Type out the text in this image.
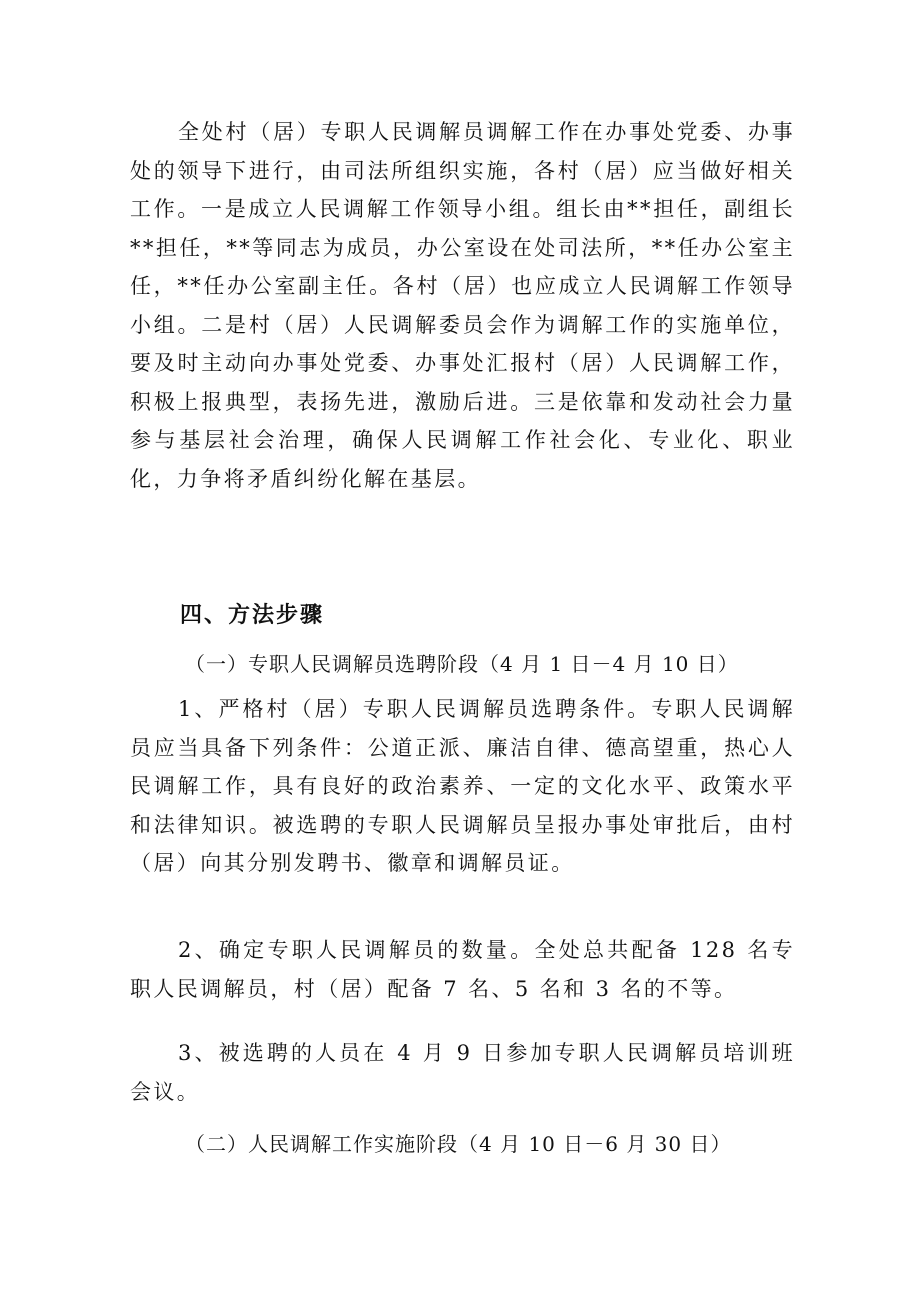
全处村（居）专职人民调解员调解工作在办事处党委、办事处的领导下进行，由司法所组织实施，各村（居）应当做好相关工作。一是成立人民调解工作领导小组。组长由**担任，副组长**担任，**等同志为成员，办公室设在处司法所，**任办公室主任，**任办公室副主任。各村（居）也应成立人民调解工作领导小组。二是村（居）人民调解委员会作为调解工作的实施单位，要及时主动向办事处党委、办事处汇报村（居）人民调解工作，积极上报典型，表扬先进，激励后进。三是依靠和发动社会力量参与基层社会治理，确保人民调解工作社会化、专业化、职业化，力争将矛盾纠纷化解在基层。

四、方法步骤

（一）专职人民调解员选聘阶段（4 月 1 日－4 月 10 日）

1、严格村（居）专职人民调解员选聘条件。专职人民调解员应当具备下列条件：公道正派、廉洁自律、德高望重，热心人民调解工作，具有良好的政治素养、一定的文化水平、政策水平和法律知识。被选聘的专职人民调解员呈报办事处审批后，由村（居）向其分别发聘书、徽章和调解员证。

2、确定专职人民调解员的数量。全处总共配备 128 名专职人民调解员，村（居）配备 7 名、5 名和 3 名的不等。

3、被选聘的人员在 4 月 9 日参加专职人民调解员培训班会议。

（二）人民调解工作实施阶段（4 月 10 日－6 月 30 日）
